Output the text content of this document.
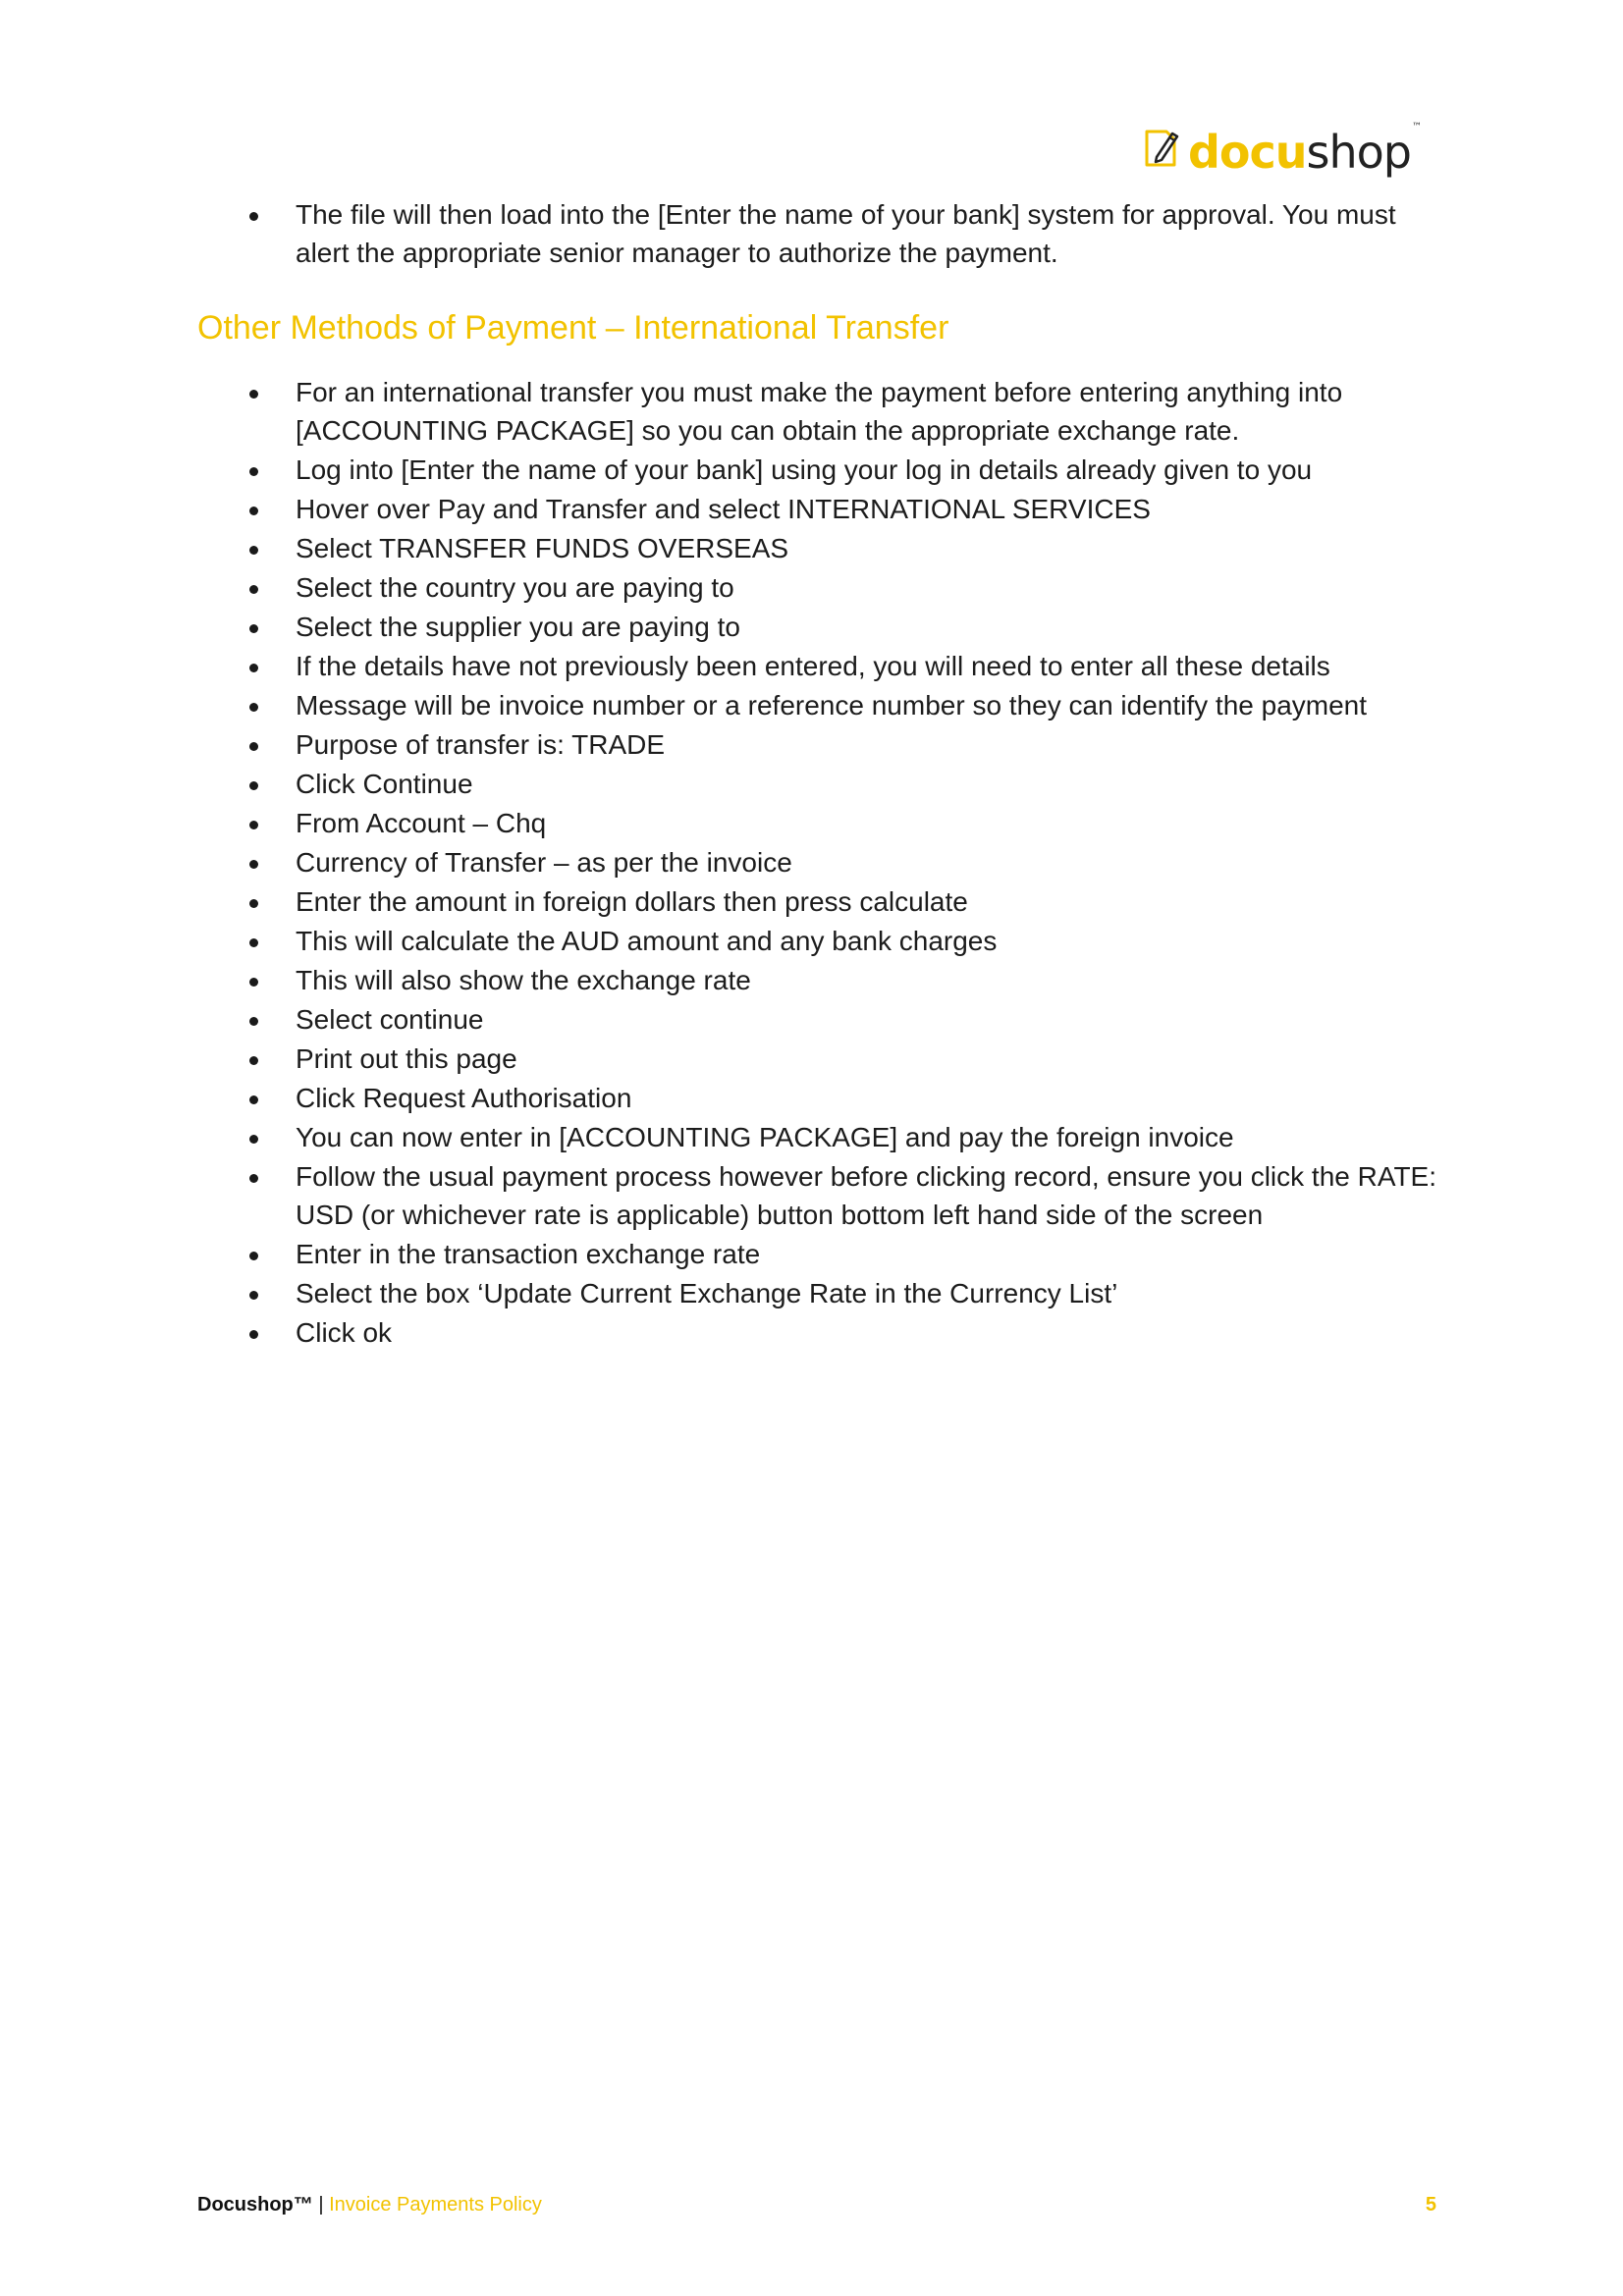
docushop ™
The file will then load into the [Enter the name of your bank] system for approval. You must alert the appropriate senior manager to authorize the payment.
Other Methods of Payment – International Transfer
For an international transfer you must make the payment before entering anything into [ACCOUNTING PACKAGE] so you can obtain the appropriate exchange rate.
Log into [Enter the name of your bank] using your log in details already given to you
Hover over Pay and Transfer and select INTERNATIONAL SERVICES
Select TRANSFER FUNDS OVERSEAS
Select the country you are paying to
Select the supplier you are paying to
If the details have not previously been entered, you will need to enter all these details
Message will be invoice number or a reference number so they can identify the payment
Purpose of transfer is: TRADE
Click Continue
From Account – Chq
Currency of Transfer – as per the invoice
Enter the amount in foreign dollars then press calculate
This will calculate the AUD amount and any bank charges
This will also show the exchange rate
Select continue
Print out this page
Click Request Authorisation
You can now enter in [ACCOUNTING PACKAGE] and pay the foreign invoice
Follow the usual payment process however before clicking record, ensure you click the RATE: USD (or whichever rate is applicable) button bottom left hand side of the screen
Enter in the transaction exchange rate
Select the box ‘Update Current Exchange Rate in the Currency List’
Click ok
Docushop™ | Invoice Payments Policy	5
